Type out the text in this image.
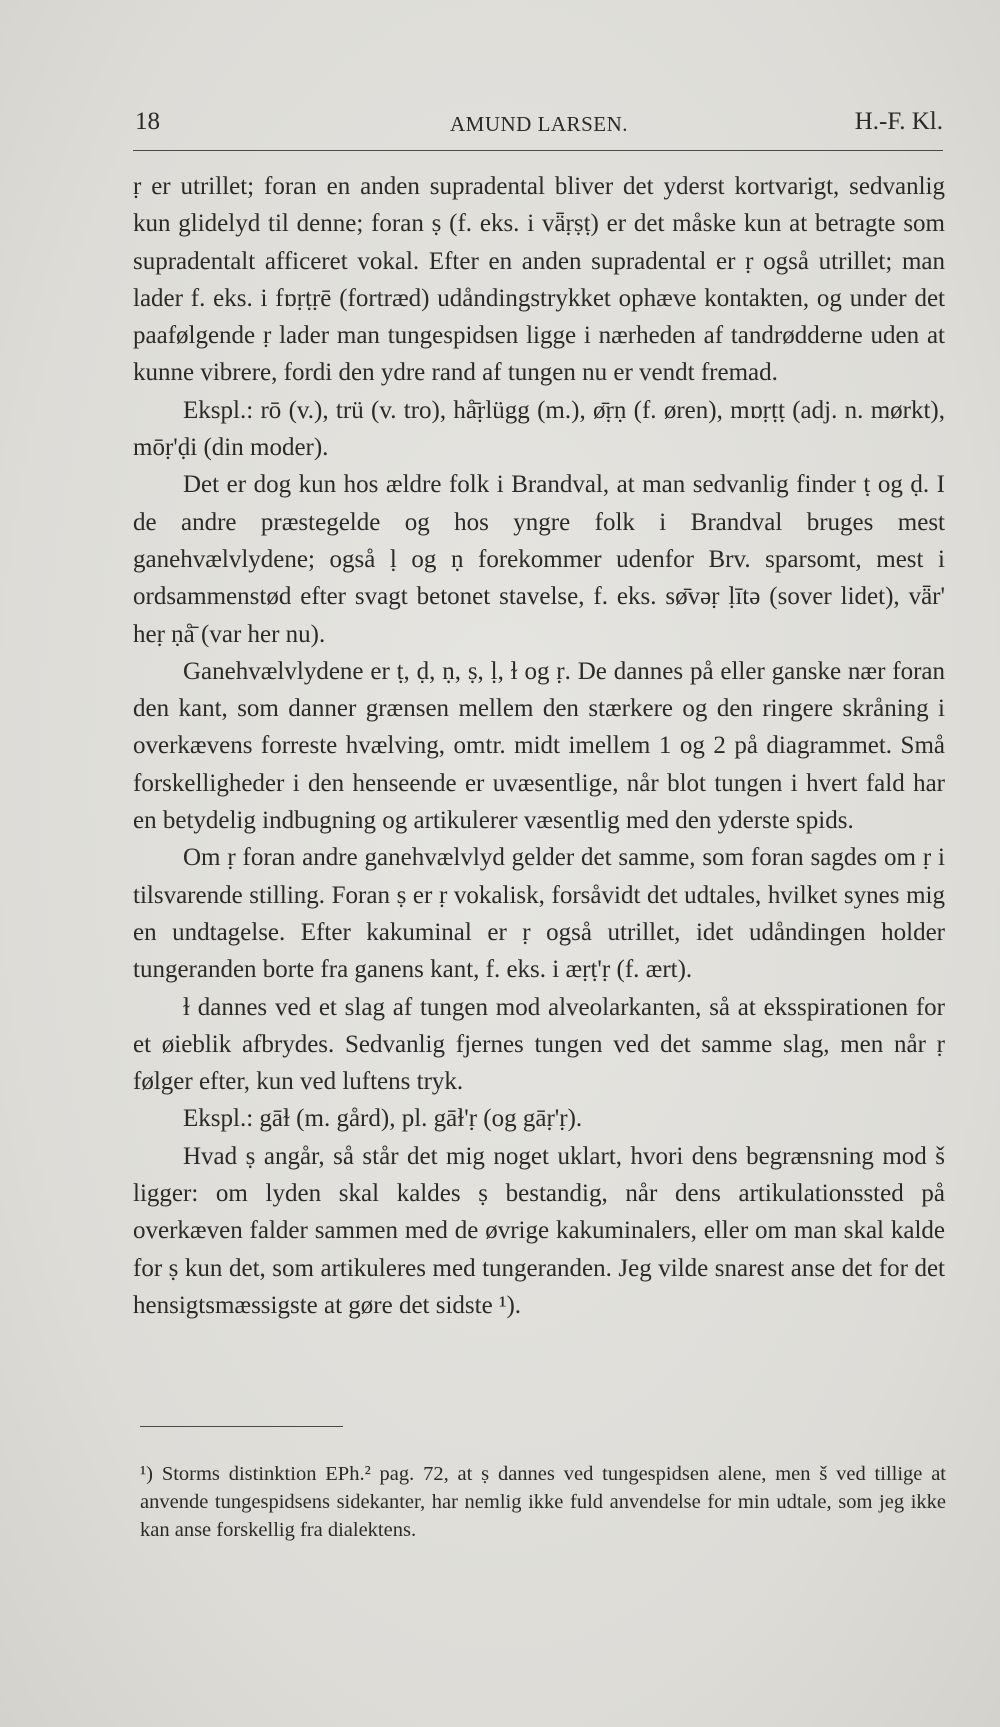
18	AMUND LARSEN.	H.-F. Kl.

ṛ er utrillet; foran en anden supradental bliver det yderst kortvarigt, sedvanlig kun glidelyd til denne; foran ṣ (f. eks. i vǟṛṣṭ) er det måske kun at betragte som supradentalt afficeret vokal. Efter en anden supradental er ṛ også utrillet; man lader f. eks. i fɒṛṭṛē (fortræd) udåndingstrykket ophæve kontakten, og under det paafølgende ṛ lader man tungespidsen ligge i nærheden af tandrødderne uden at kunne vibrere, fordi den ydre rand af tungen nu er vendt fremad.

Ekspl.: rō (v.), trü (v. tro), hå̄ṛlügg (m.), ø̄ṛṇ (f. øren), mɒṛṭṭ (adj. n. mørkt), mōṛ'ḍi (din moder).

Det er dog kun hos ældre folk i Brandval, at man sedvanlig finder ṭ og ḍ. I de andre præstegelde og hos yngre folk i Brandval bruges mest ganehvælvlydene; også ḷ og ṇ forekommer udenfor Brv. sparsomt, mest i ordsammenstød efter svagt betonet stavelse, f. eks. sø̄vəṛ ḷītə (sover lidet), vǟr' heṛ ṇå̄ (var her nu).

Ganehvælvlydene er ṭ, ḍ, ṇ, ṣ, ḷ, ɫ og ṛ. De dannes på eller ganske nær foran den kant, som danner grænsen mellem den stærkere og den ringere skråning i overkævens forreste hvælving, omtr. midt imellem 1 og 2 på diagrammet. Små forskelligheder i den henseende er uvæsentlige, når blot tungen i hvert fald har en betydelig indbugning og artikulerer væsentlig med den yderste spids.

Om ṛ foran andre ganehvælvlyd gelder det samme, som foran sagdes om ṛ i tilsvarende stilling. Foran ṣ er ṛ vokalisk, forsåvidt det udtales, hvilket synes mig en undtagelse. Efter kakuminal er ṛ også utrillet, idet udåndingen holder tungeranden borte fra ganens kant, f. eks. i æṛṭ'ṛ (f. ært).

ɫ dannes ved et slag af tungen mod alveolarkanten, så at eksspirationen for et øieblik afbrydes. Sedvanlig fjernes tungen ved det samme slag, men når ṛ følger efter, kun ved luftens tryk.

Ekspl.: gāɫ (m. gård), pl. gāɫ'ṛ (og gāṛ'ṛ).

Hvad ṣ angår, så står det mig noget uklart, hvori dens begrænsning mod š ligger: om lyden skal kaldes ṣ bestandig, når dens artikulationssted på overkæven falder sammen med de øvrige kakuminalers, eller om man skal kalde for ṣ kun det, som artikuleres med tungeranden. Jeg vilde snarest anse det for det hensigtsmæssigste at gøre det sidste ¹).

¹) Storms distinktion EPh.² pag. 72, at ṣ dannes ved tungespidsen alene, men š ved tillige at anvende tungespidsens sidekanter, har nemlig ikke fuld anvendelse for min udtale, som jeg ikke kan anse forskellig fra dialektens.
